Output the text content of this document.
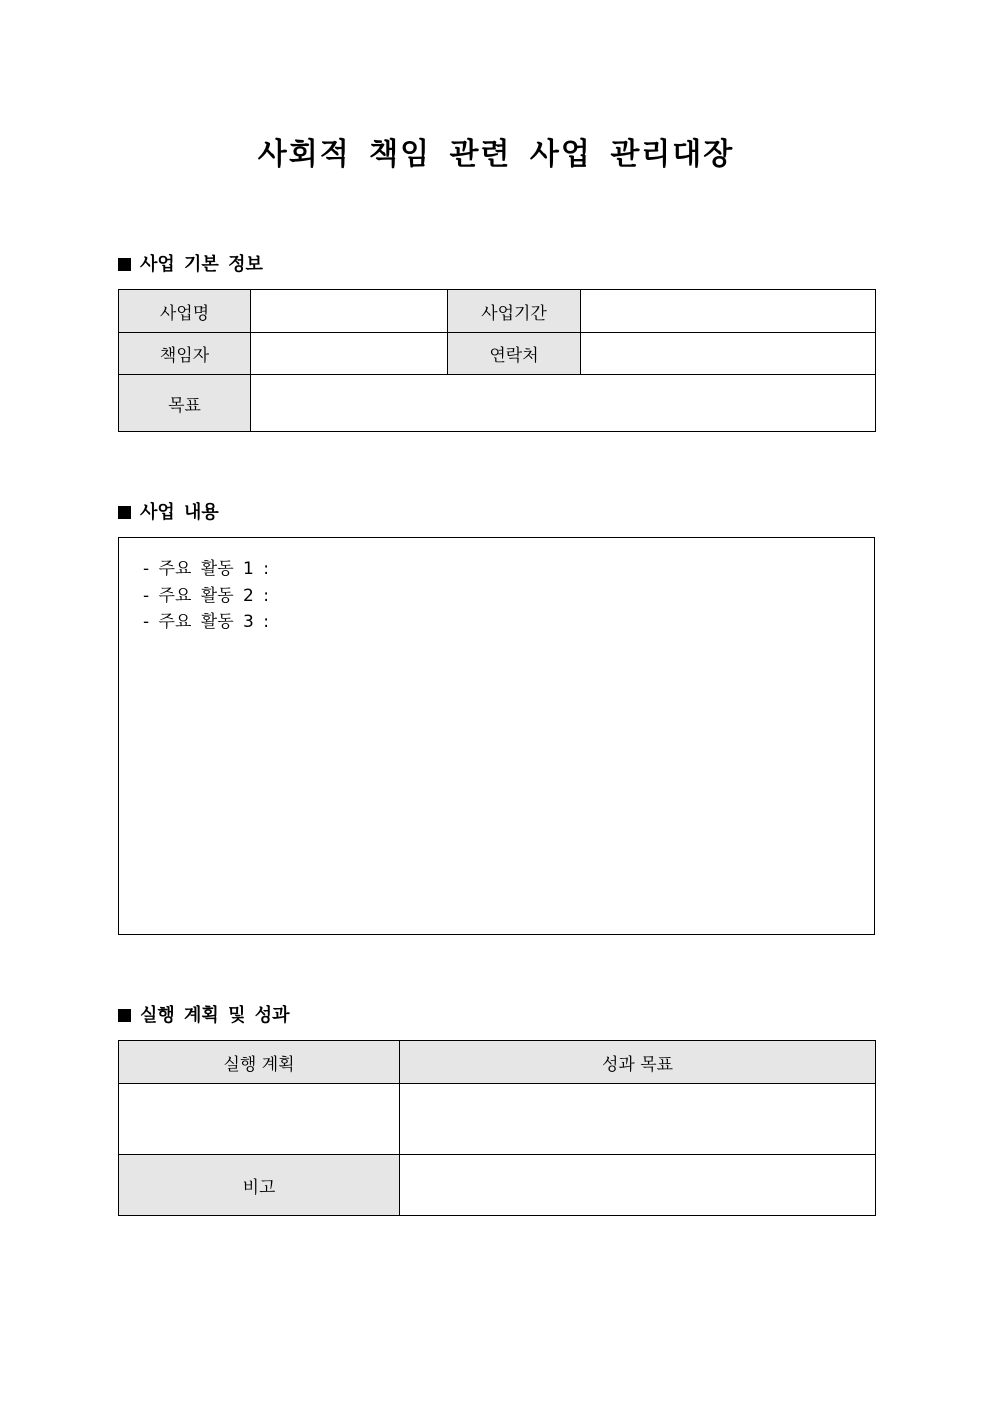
사회적 책임 관련 사업 관리대장
사업 기본 정보
사업명		사업기간	
책임자		연락처	
목표			
사업 내용
- 주요 활동 1 :
- 주요 활동 2 :
- 주요 활동 3 :
실행 계획 및 성과
실행 계획	성과 목표

비고	
